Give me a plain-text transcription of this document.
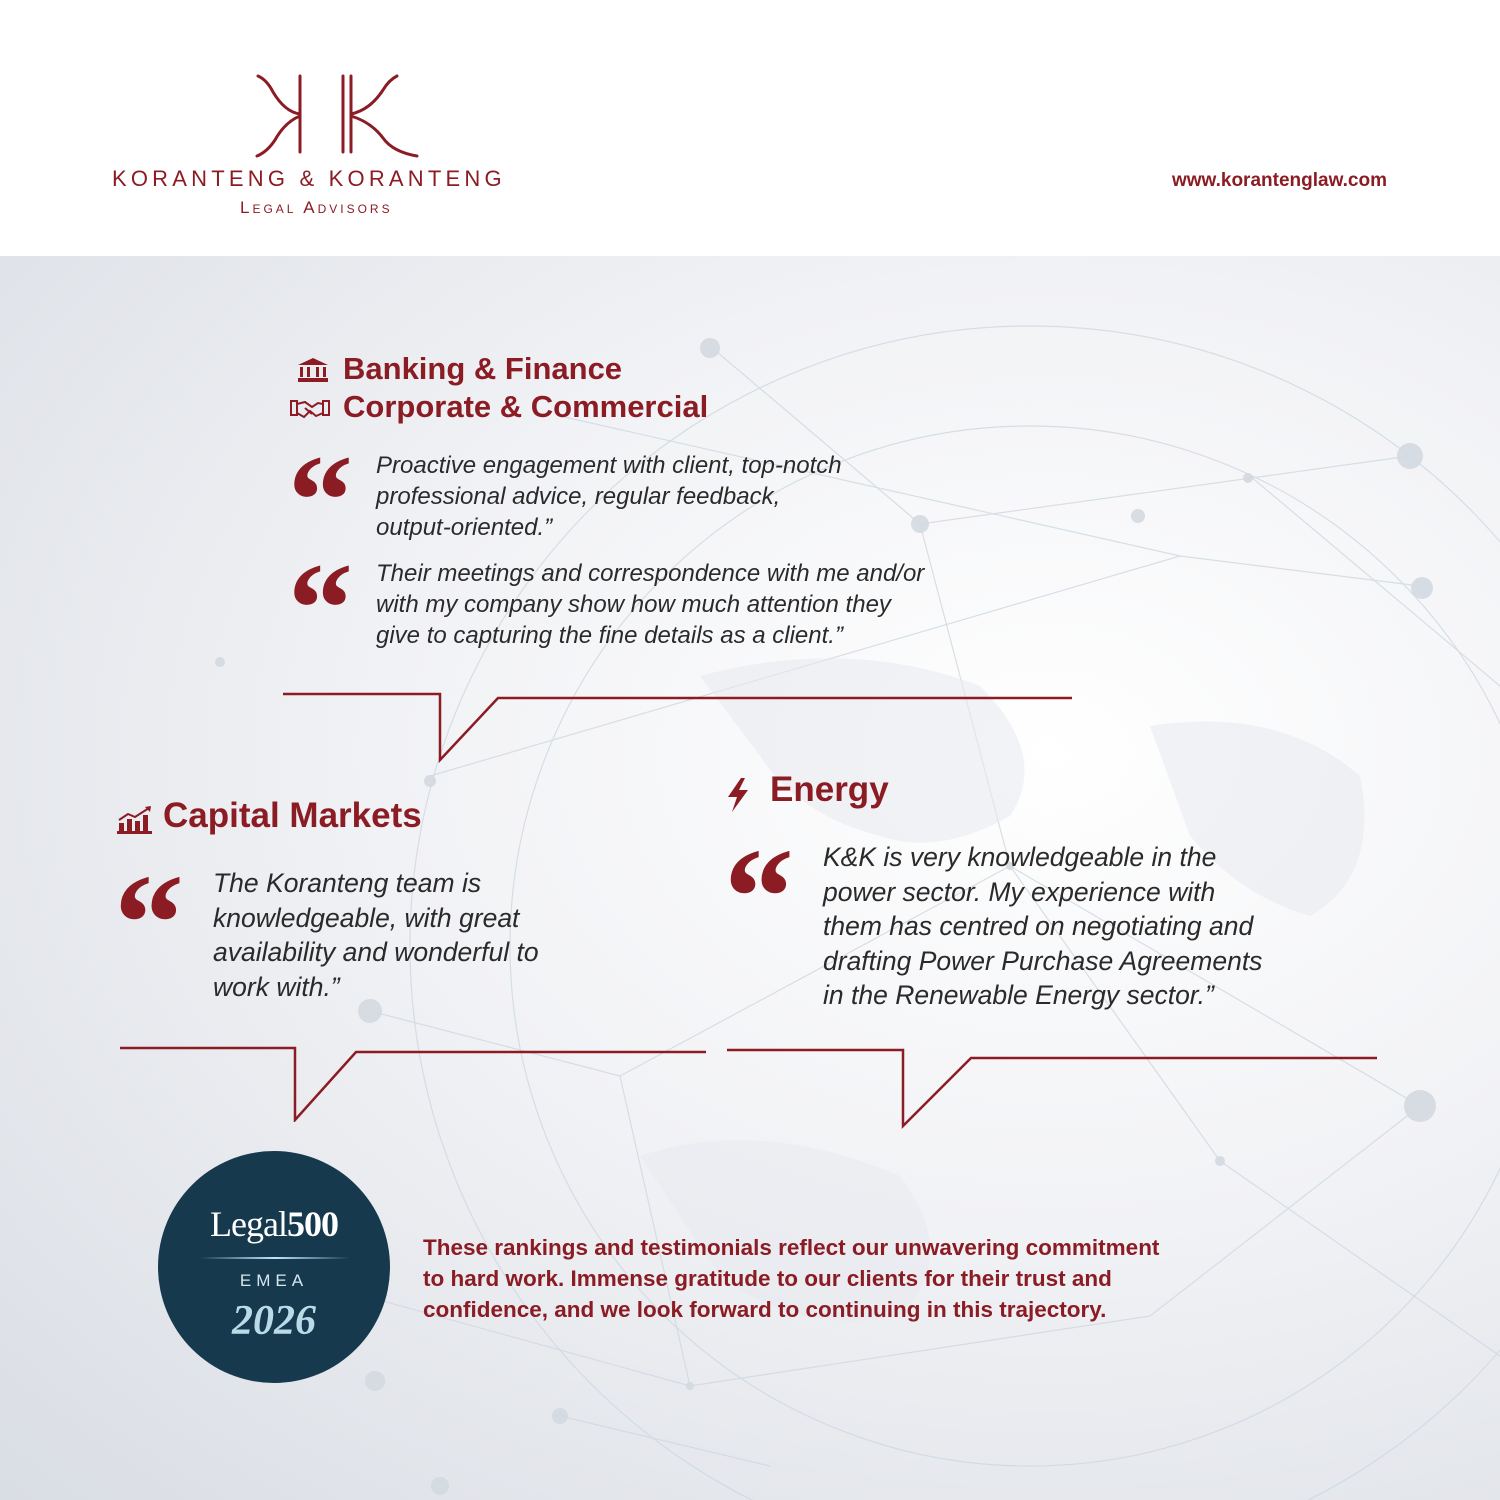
KORANTENG & KORANTENG
Legal Advisors
www.korantenglaw.com
Banking & Finance
Corporate & Commercial
“ Proactive engagement with client, top-notch
professional advice, regular feedback,
output-oriented.”
“ Their meetings and correspondence with me and/or
with my company show how much attention they
give to capturing the fine details as a client.”
Capital Markets
“ The Koranteng team is
knowledgeable, with great
availability and wonderful to
work with.”
Energy
“ K&K is very knowledgeable in the
power sector. My experience with
them has centred on negotiating and
drafting Power Purchase Agreements
in the Renewable Energy sector.”
Legal500
EMEA
2026
These rankings and testimonials reflect our unwavering commitment
to hard work. Immense gratitude to our clients for their trust and
confidence, and we look forward to continuing in this trajectory.
